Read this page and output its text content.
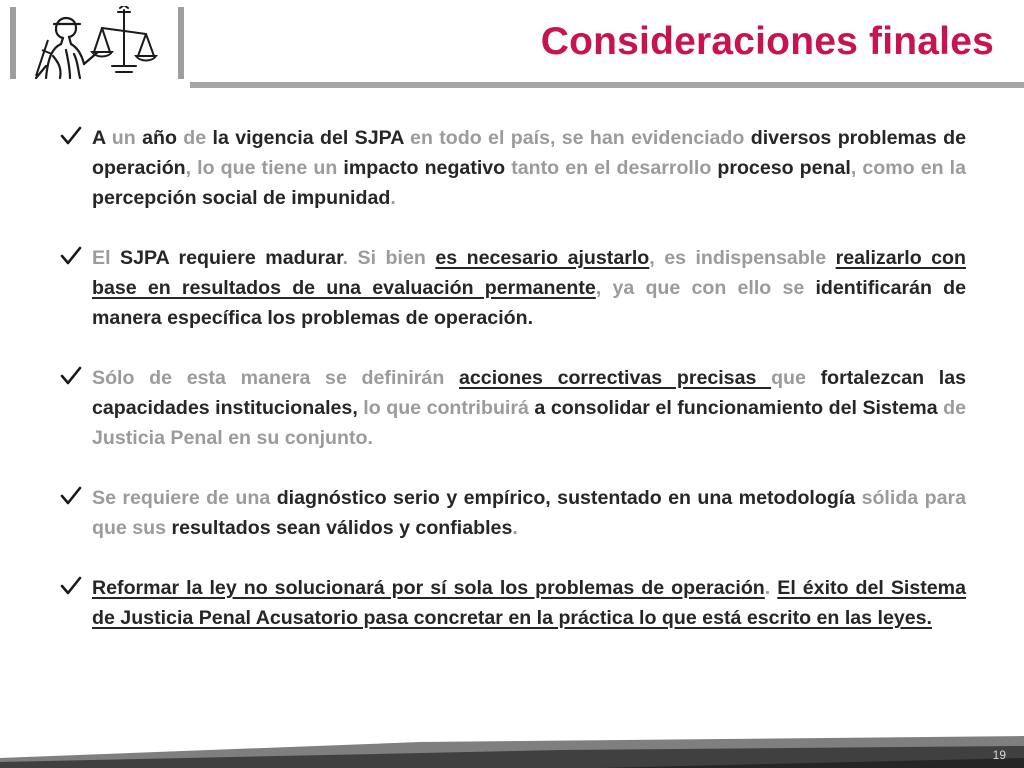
Consideraciones finales

A un año de la vigencia del SJPA en todo el país, se han evidenciado diversos problemas de operación, lo que tiene un impacto negativo tanto en el desarrollo proceso penal, como en la percepción social de impunidad.

El SJPA requiere madurar. Si bien es necesario ajustarlo, es indispensable realizarlo con base en resultados de una evaluación permanente, ya que con ello se identificarán de manera específica los problemas de operación.

Sólo de esta manera se definirán acciones correctivas precisas que fortalezcan las capacidades institucionales, lo que contribuirá a consolidar el funcionamiento del Sistema de Justicia Penal en su conjunto.

Se requiere de una diagnóstico serio y empírico, sustentado en una metodología sólida para que sus resultados sean válidos y confiables.

Reformar la ley no solucionará por sí sola los problemas de operación. El éxito del Sistema de Justicia Penal Acusatorio pasa concretar en la práctica lo que está escrito en las leyes.

19
